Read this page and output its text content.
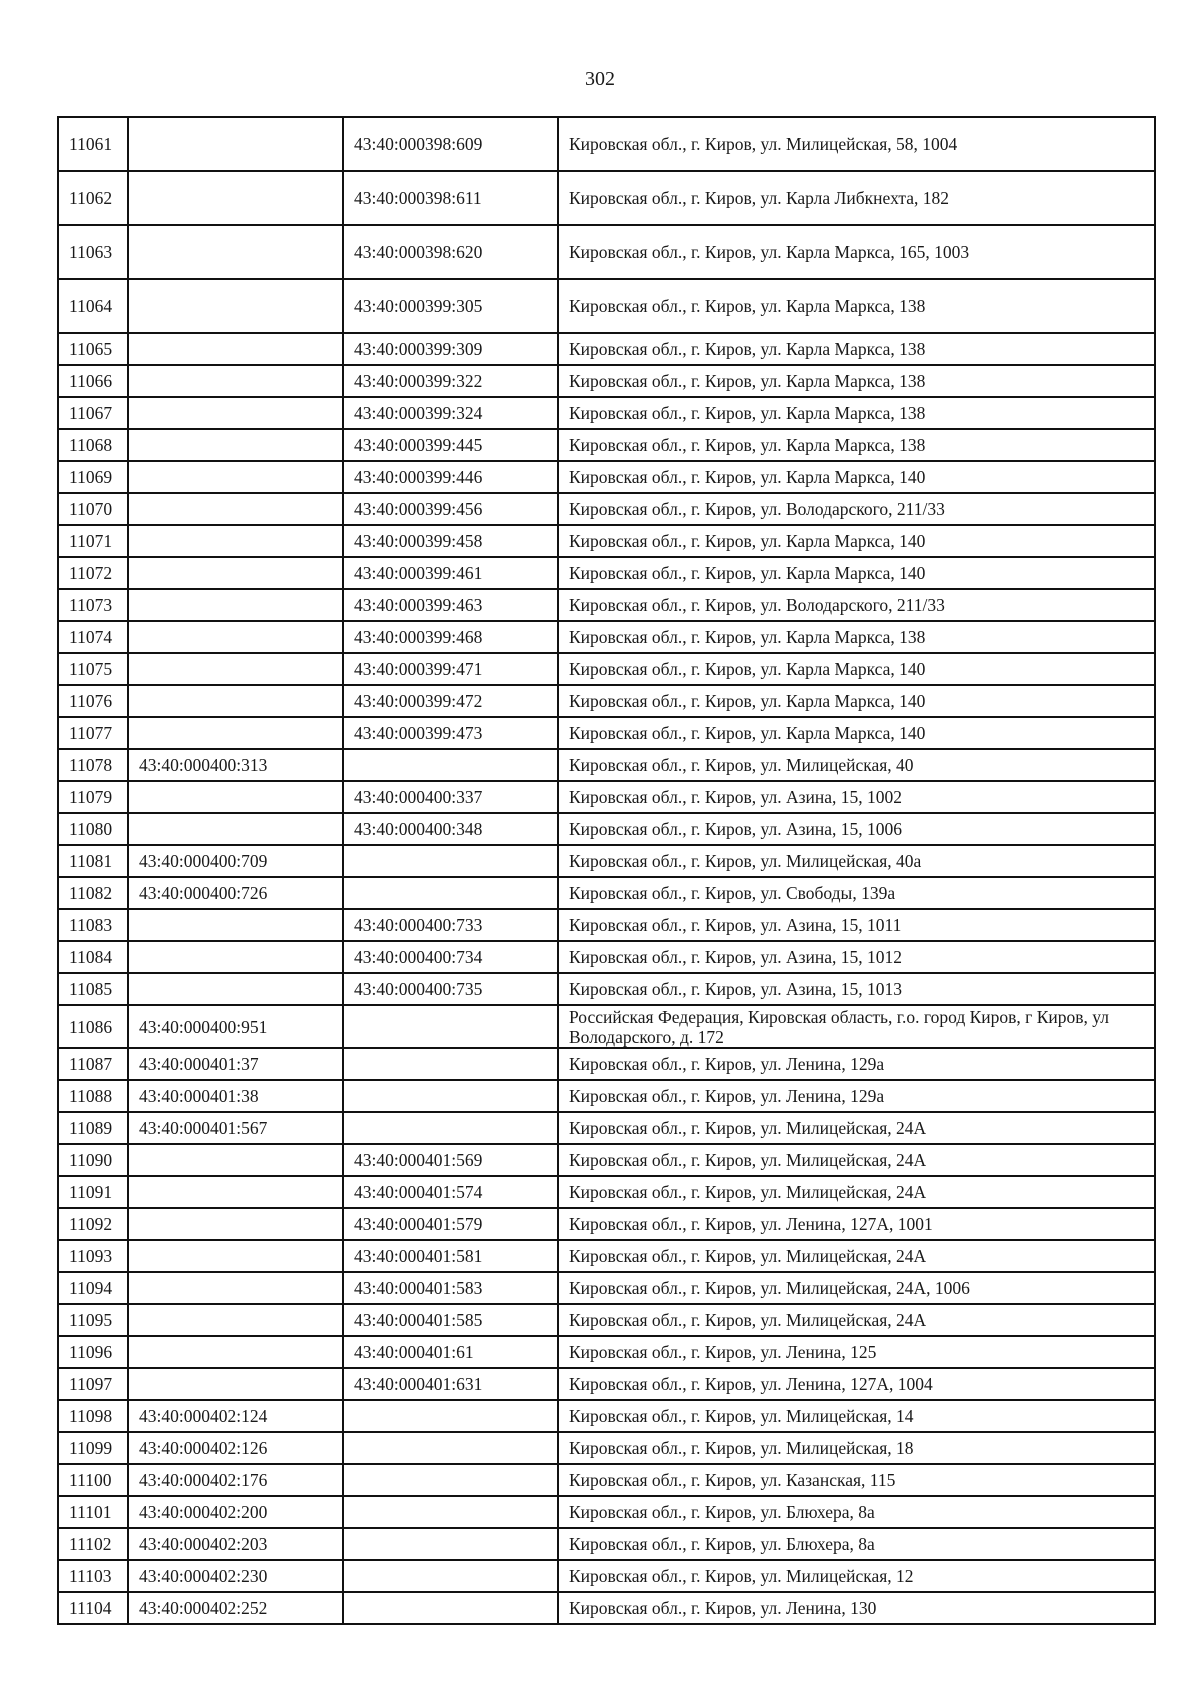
302
11061		43:40:000398:609	Кировская обл., г. Киров, ул. Милицейская, 58, 1004
11062		43:40:000398:611	Кировская обл., г. Киров, ул. Карла Либкнехта, 182
11063		43:40:000398:620	Кировская обл., г. Киров, ул. Карла Маркса, 165, 1003
11064		43:40:000399:305	Кировская обл., г. Киров, ул. Карла Маркса, 138
11065		43:40:000399:309	Кировская обл., г. Киров, ул. Карла Маркса, 138
11066		43:40:000399:322	Кировская обл., г. Киров, ул. Карла Маркса, 138
11067		43:40:000399:324	Кировская обл., г. Киров, ул. Карла Маркса, 138
11068		43:40:000399:445	Кировская обл., г. Киров, ул. Карла Маркса, 138
11069		43:40:000399:446	Кировская обл., г. Киров, ул. Карла Маркса, 140
11070		43:40:000399:456	Кировская обл., г. Киров, ул. Володарского, 211/33
11071		43:40:000399:458	Кировская обл., г. Киров, ул. Карла Маркса, 140
11072		43:40:000399:461	Кировская обл., г. Киров, ул. Карла Маркса, 140
11073		43:40:000399:463	Кировская обл., г. Киров, ул. Володарского, 211/33
11074		43:40:000399:468	Кировская обл., г. Киров, ул. Карла Маркса, 138
11075		43:40:000399:471	Кировская обл., г. Киров, ул. Карла Маркса, 140
11076		43:40:000399:472	Кировская обл., г. Киров, ул. Карла Маркса, 140
11077		43:40:000399:473	Кировская обл., г. Киров, ул. Карла Маркса, 140
11078	43:40:000400:313		Кировская обл., г. Киров, ул. Милицейская, 40
11079		43:40:000400:337	Кировская обл., г. Киров, ул. Азина, 15, 1002
11080		43:40:000400:348	Кировская обл., г. Киров, ул. Азина, 15, 1006
11081	43:40:000400:709		Кировская обл., г. Киров, ул. Милицейская, 40а
11082	43:40:000400:726		Кировская обл., г. Киров, ул. Свободы, 139а
11083		43:40:000400:733	Кировская обл., г. Киров, ул. Азина, 15, 1011
11084		43:40:000400:734	Кировская обл., г. Киров, ул. Азина, 15, 1012
11085		43:40:000400:735	Кировская обл., г. Киров, ул. Азина, 15, 1013
11086	43:40:000400:951		Российская Федерация, Кировская область, г.о. город Киров, г Киров, ул Володарского, д. 172
11087	43:40:000401:37		Кировская обл., г. Киров, ул. Ленина, 129а
11088	43:40:000401:38		Кировская обл., г. Киров, ул. Ленина, 129а
11089	43:40:000401:567		Кировская обл., г. Киров, ул. Милицейская, 24А
11090		43:40:000401:569	Кировская обл., г. Киров, ул. Милицейская, 24А
11091		43:40:000401:574	Кировская обл., г. Киров, ул. Милицейская, 24А
11092		43:40:000401:579	Кировская обл., г. Киров, ул. Ленина, 127А, 1001
11093		43:40:000401:581	Кировская обл., г. Киров, ул. Милицейская, 24А
11094		43:40:000401:583	Кировская обл., г. Киров, ул. Милицейская, 24А, 1006
11095		43:40:000401:585	Кировская обл., г. Киров, ул. Милицейская, 24А
11096		43:40:000401:61	Кировская обл., г. Киров, ул. Ленина, 125
11097		43:40:000401:631	Кировская обл., г. Киров, ул. Ленина, 127А, 1004
11098	43:40:000402:124		Кировская обл., г. Киров, ул. Милицейская, 14
11099	43:40:000402:126		Кировская обл., г. Киров, ул. Милицейская, 18
11100	43:40:000402:176		Кировская обл., г. Киров, ул. Казанская, 115
11101	43:40:000402:200		Кировская обл., г. Киров, ул. Блюхера, 8а
11102	43:40:000402:203		Кировская обл., г. Киров, ул. Блюхера, 8а
11103	43:40:000402:230		Кировская обл., г. Киров, ул. Милицейская, 12
11104	43:40:000402:252		Кировская обл., г. Киров, ул. Ленина, 130
